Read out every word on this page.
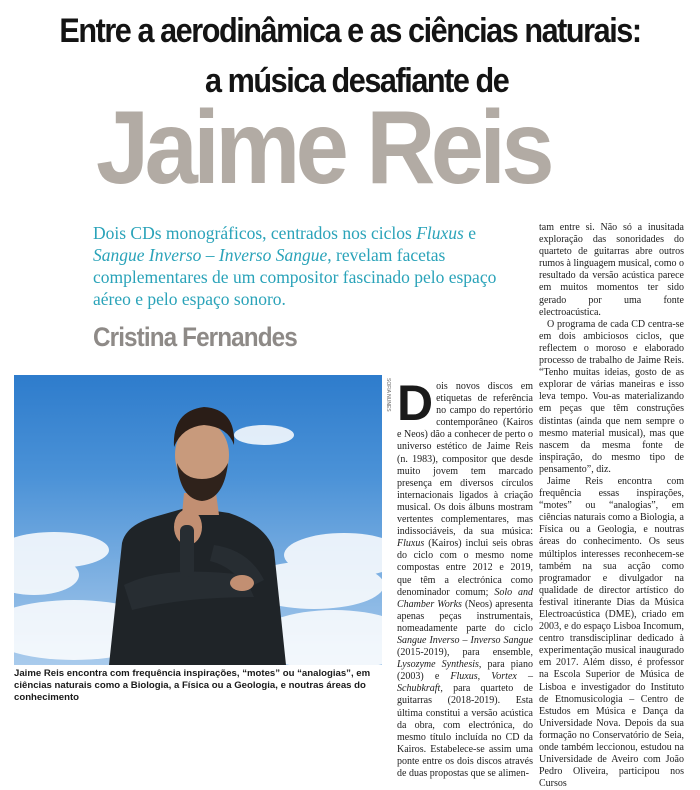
Entre a aerodinâmica e as ciências naturais:
a música desafiante de
Jaime Reis
Dois CDs monográficos, centrados nos ciclos Fluxus e Sangue Inverso – Inverso Sangue, revelam facetas complementares de um compositor fascinado pelo espaço aéreo e pelo espaço sonoro.
Cristina Fernandes
SOFIA NUNES
Jaime Reis encontra com frequência inspirações, “motes” ou “analogias”, em ciências naturais como a Biologia, a Física ou a Geologia, e noutras áreas do conhecimento

Dois novos discos em etiquetas de referência no campo do repertório contemporâneo (Kairos e Neos) dão a conhecer de perto o universo estético de Jaime Reis (n. 1983), compositor que desde muito jovem tem marcado presença em diversos círculos internacionais ligados à criação musical. Os dois álbuns mostram vertentes complementares, mas indissociáveis, da sua música: Fluxus (Kairos) inclui seis obras do ciclo com o mesmo nome compostas entre 2012 e 2019, que têm a electrónica como denominador comum; Solo and Chamber Works (Neos) apresenta apenas peças instrumentais, nomeadamente parte do ciclo Sangue Inverso – Inverso Sangue (2015-2019), para ensemble, Lysozyme Synthesis, para piano (2003) e Fluxus, Vortex – Schubkraft, para quarteto de guitarras (2018-2019). Esta última constitui a versão acústica da obra, com electrónica, do mesmo título incluída no CD da Kairos. Estabelece-se assim uma ponte entre os dois discos através de duas propostas que se alimen-

tam entre si. Não só a inusitada exploração das sonoridades do quarteto de guitarras abre outros rumos à linguagem musical, como o resultado da versão acústica parece em muitos momentos ter sido gerado por uma fonte electroacústica.

O programa de cada CD centra-se em dois ambiciosos ciclos, que reflectem o moroso e elaborado processo de trabalho de Jaime Reis. “Tenho muitas ideias, gosto de as explorar de várias maneiras e isso leva tempo. Vou-as materializando em peças que têm construções distintas (ainda que nem sempre o mesmo material musical), mas que nascem da mesma fonte de inspiração, do mesmo tipo de pensamento”, diz.

Jaime Reis encontra com frequência essas inspirações, “motes” ou “analogias”, em ciências naturais como a Biologia, a Física ou a Geologia, e noutras áreas do conhecimento. Os seus múltiplos interesses reconhecem-se também na sua acção como programador e divulgador na qualidade de director artístico do festival itinerante Dias da Música Electroacústica (DME), criado em 2003, e do espaço Lisboa Incomum, centro transdisciplinar dedicado à experimentação musical inaugurado em 2017. Além disso, é professor na Escola Superior de Música de Lisboa e investigador do Instituto de Etnomusicologia – Centro de Estudos em Música e Dança da Universidade Nova. Depois da sua formação no Conservatório de Seia, onde também leccionou, estudou na Universidade de Aveiro com João Pedro Oliveira, participou nos Cursos
